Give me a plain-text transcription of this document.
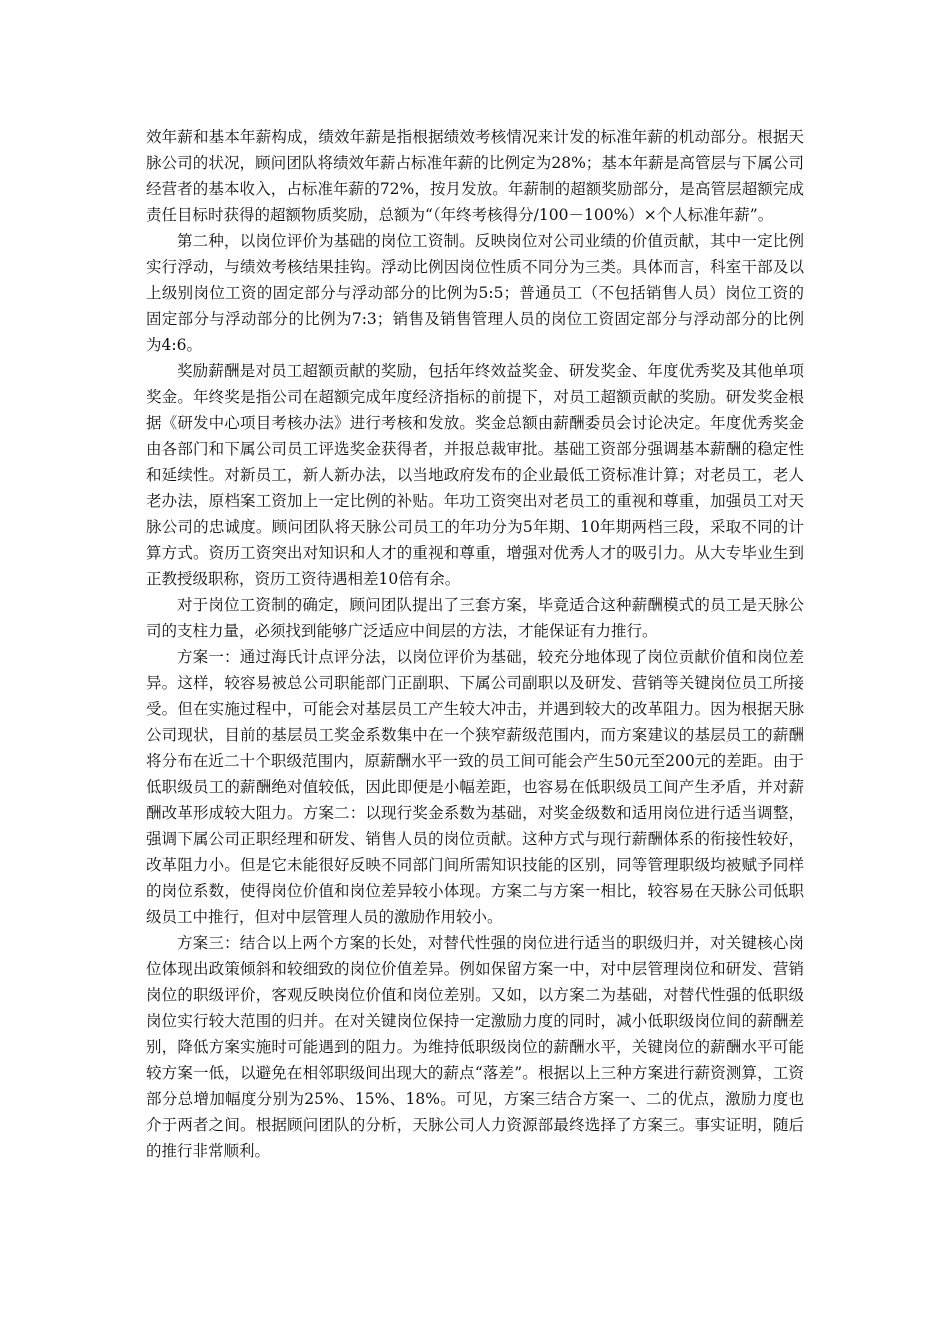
效年薪和基本年薪构成，绩效年薪是指根据绩效考核情况来计发的标准年薪的机动部分。根据天脉公司的状况，顾问团队将绩效年薪占标准年薪的比例定为28%；基本年薪是高管层与下属公司经营者的基本收入，占标准年薪的72%，按月发放。年薪制的超额奖励部分，是高管层超额完成责任目标时获得的超额物质奖励，总额为“（年终考核得分/100－100%）×个人标准年薪”。

第二种，以岗位评价为基础的岗位工资制。反映岗位对公司业绩的价值贡献，其中一定比例实行浮动，与绩效考核结果挂钩。浮动比例因岗位性质不同分为三类。具体而言，科室干部及以上级别岗位工资的固定部分与浮动部分的比例为5:5；普通员工（不包括销售人员）岗位工资的固定部分与浮动部分的比例为7:3；销售及销售管理人员的岗位工资固定部分与浮动部分的比例为4:6。

奖励薪酬是对员工超额贡献的奖励，包括年终效益奖金、研发奖金、年度优秀奖及其他单项奖金。年终奖是指公司在超额完成年度经济指标的前提下，对员工超额贡献的奖励。研发奖金根据《研发中心项目考核办法》进行考核和发放。奖金总额由薪酬委员会讨论决定。年度优秀奖金由各部门和下属公司员工评选奖金获得者，并报总裁审批。基础工资部分强调基本薪酬的稳定性和延续性。对新员工，新人新办法，以当地政府发布的企业最低工资标准计算；对老员工，老人老办法，原档案工资加上一定比例的补贴。年功工资突出对老员工的重视和尊重，加强员工对天脉公司的忠诚度。顾问团队将天脉公司员工的年功分为5年期、10年期两档三段，采取不同的计算方式。资历工资突出对知识和人才的重视和尊重，增强对优秀人才的吸引力。从大专毕业生到正教授级职称，资历工资待遇相差10倍有余。

对于岗位工资制的确定，顾问团队提出了三套方案，毕竟适合这种薪酬模式的员工是天脉公司的支柱力量，必须找到能够广泛适应中间层的方法，才能保证有力推行。

方案一：通过海氏计点评分法，以岗位评价为基础，较充分地体现了岗位贡献价值和岗位差异。这样，较容易被总公司职能部门正副职、下属公司副职以及研发、营销等关键岗位员工所接受。但在实施过程中，可能会对基层员工产生较大冲击，并遇到较大的改革阻力。因为根据天脉公司现状，目前的基层员工奖金系数集中在一个狭窄薪级范围内，而方案建议的基层员工的薪酬将分布在近二十个职级范围内，原薪酬水平一致的员工间可能会产生50元至200元的差距。由于低职级员工的薪酬绝对值较低，因此即便是小幅差距，也容易在低职级员工间产生矛盾，并对薪酬改革形成较大阻力。方案二：以现行奖金系数为基础，对奖金级数和适用岗位进行适当调整，强调下属公司正职经理和研发、销售人员的岗位贡献。这种方式与现行薪酬体系的衔接性较好，改革阻力小。但是它未能很好反映不同部门间所需知识技能的区别，同等管理职级均被赋予同样的岗位系数，使得岗位价值和岗位差异较小体现。方案二与方案一相比，较容易在天脉公司低职级员工中推行，但对中层管理人员的激励作用较小。

方案三：结合以上两个方案的长处，对替代性强的岗位进行适当的职级归并，对关键核心岗位体现出政策倾斜和较细致的岗位价值差异。例如保留方案一中，对中层管理岗位和研发、营销岗位的职级评价，客观反映岗位价值和岗位差别。又如，以方案二为基础，对替代性强的低职级岗位实行较大范围的归并。在对关键岗位保持一定激励力度的同时，减小低职级岗位间的薪酬差别，降低方案实施时可能遇到的阻力。为维持低职级岗位的薪酬水平，关键岗位的薪酬水平可能较方案一低，以避免在相邻职级间出现大的薪点“落差”。根据以上三种方案进行薪资测算，工资部分总增加幅度分别为25%、15%、18%。可见，方案三结合方案一、二的优点，激励力度也介于两者之间。根据顾问团队的分析，天脉公司人力资源部最终选择了方案三。事实证明，随后的推行非常顺利。
